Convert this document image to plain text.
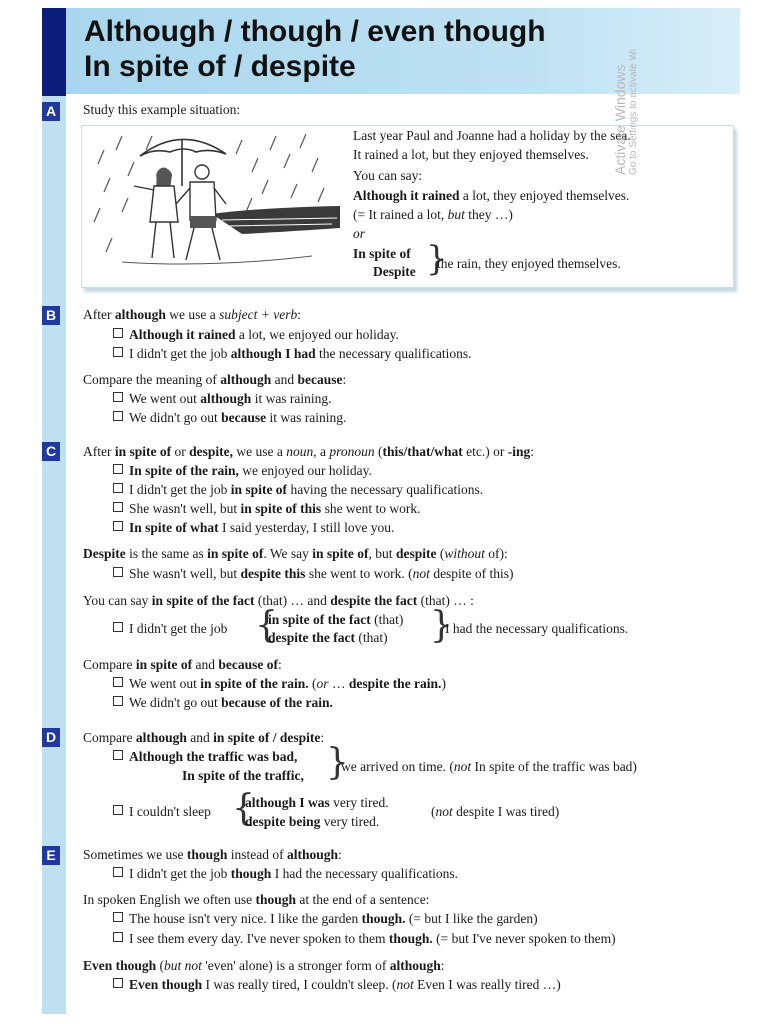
Although / though / even though
In spite of / despite
A Study this example situation:
Last year Paul and Joanne had a holiday by the sea.
It rained a lot, but they enjoyed themselves.
You can say:
Although it rained a lot, they enjoyed themselves.
(= It rained a lot, but they …)
or
In spite of
Despite }
the rain, they enjoyed themselves.
B After although we use a subject + verb:
Although it rained a lot, we enjoyed our holiday.
I didn't get the job although I had the necessary qualifications.
Compare the meaning of although and because:
We went out although it was raining.
We didn't go out because it was raining.
C After in spite of or despite, we use a noun, a pronoun (this/that/what etc.) or -ing:
In spite of the rain, we enjoyed our holiday.
I didn't get the job in spite of having the necessary qualifications.
She wasn't well, but in spite of this she went to work.
In spite of what I said yesterday, I still love you.
Despite is the same as in spite of. We say in spite of, but despite (without of):
She wasn't well, but despite this she went to work. (not despite of this)
You can say in spite of the fact (that) … and despite the fact (that) … :
I didn't get the job {
in spite of the fact (that)
despite the fact (that) }
I had the necessary qualifications.
Compare in spite of and because of:
We went out in spite of the rain. (or … despite the rain.)
We didn't go out because of the rain.
D Compare although and in spite of / despite:
Although the traffic was bad,
In spite of the traffic, }
we arrived on time. (not In spite of the traffic was bad)
I couldn't sleep {
although I was very tired.
despite being very tired.
(not despite I was tired)
E	Sometimes we use though instead of although:
I didn't get the job though I had the necessary qualifications.
In spoken English we often use though at the end of a sentence:
The house isn't very nice. I like the garden though. (= but I like the garden)
I see them every day. I've never spoken to them though. (= but I've never spoken to them)
Even though (but not 'even' alone) is a stronger form of although:
Even though I was really tired, I couldn't sleep. (not Even I was really tired …)
Activate Windows Go to Settings to activate Wi
